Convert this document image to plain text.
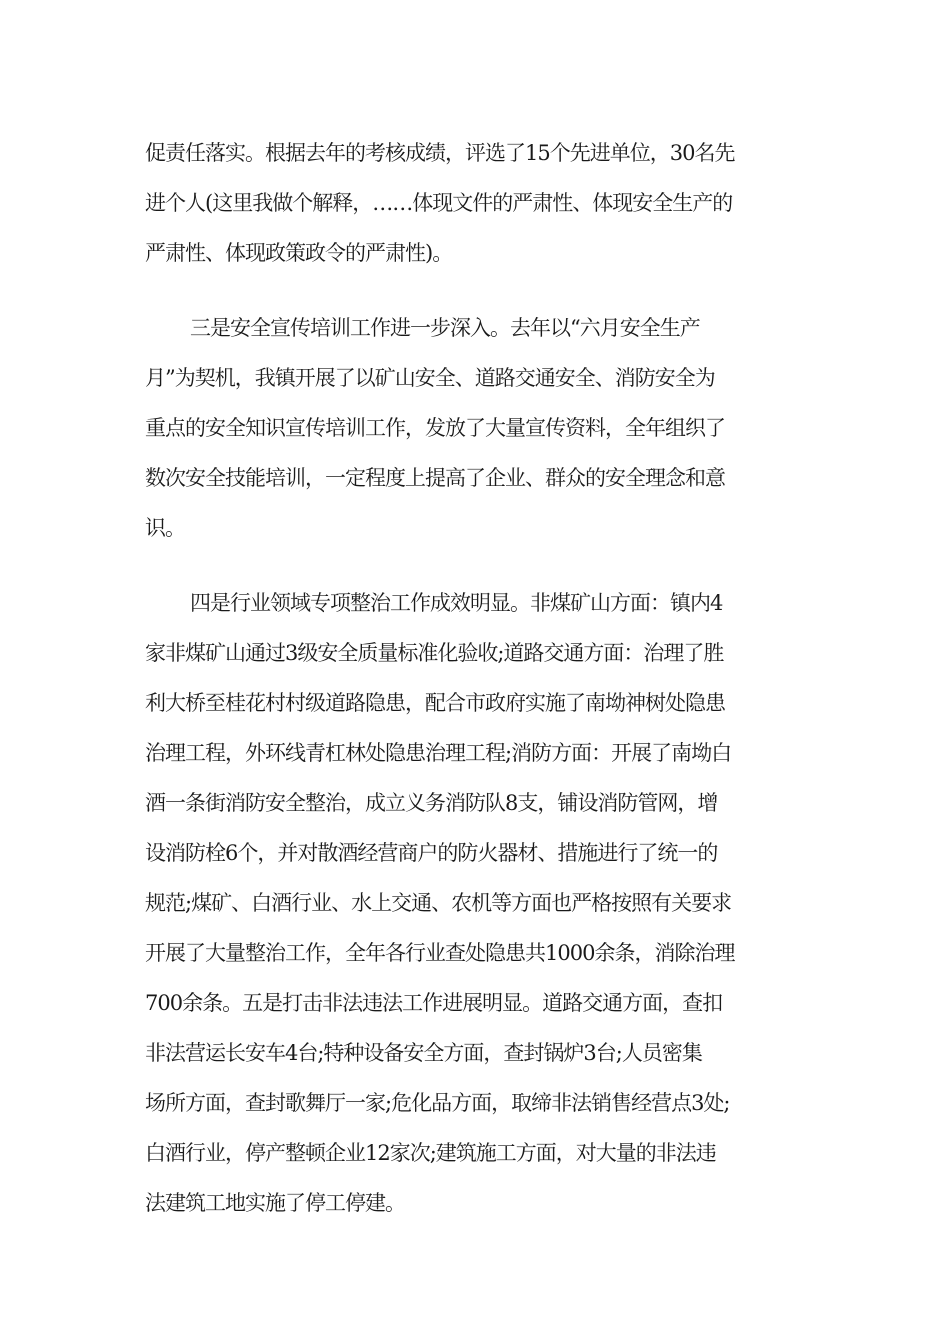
促责任落实。根据去年的考核成绩，评选了15个先进单位，30名先
进个人(这里我做个解释，……体现文件的严肃性、体现安全生产的
严肃性、体现政策政令的严肃性)。
三是安全宣传培训工作进一步深入。去年以“六月安全生产
月”为契机，我镇开展了以矿山安全、道路交通安全、消防安全为
重点的安全知识宣传培训工作，发放了大量宣传资料，全年组织了
数次安全技能培训，一定程度上提高了企业、群众的安全理念和意
识。
四是行业领域专项整治工作成效明显。非煤矿山方面：镇内4
家非煤矿山通过3级安全质量标准化验收;道路交通方面：治理了胜
利大桥至桂花村村级道路隐患，配合市政府实施了南坳神树处隐患
治理工程，外环线青杠林处隐患治理工程;消防方面：开展了南坳白
酒一条街消防安全整治，成立义务消防队8支，铺设消防管网，增
设消防栓6个，并对散酒经营商户的防火器材、措施进行了统一的
规范;煤矿、白酒行业、水上交通、农机等方面也严格按照有关要求
开展了大量整治工作，全年各行业查处隐患共1000余条，消除治理
700余条。五是打击非法违法工作进展明显。道路交通方面，查扣
非法营运长安车4台;特种设备安全方面，查封锅炉3台;人员密集
场所方面，查封歌舞厅一家;危化品方面，取缔非法销售经营点3处;
白酒行业，停产整顿企业12家次;建筑施工方面，对大量的非法违
法建筑工地实施了停工停建。
